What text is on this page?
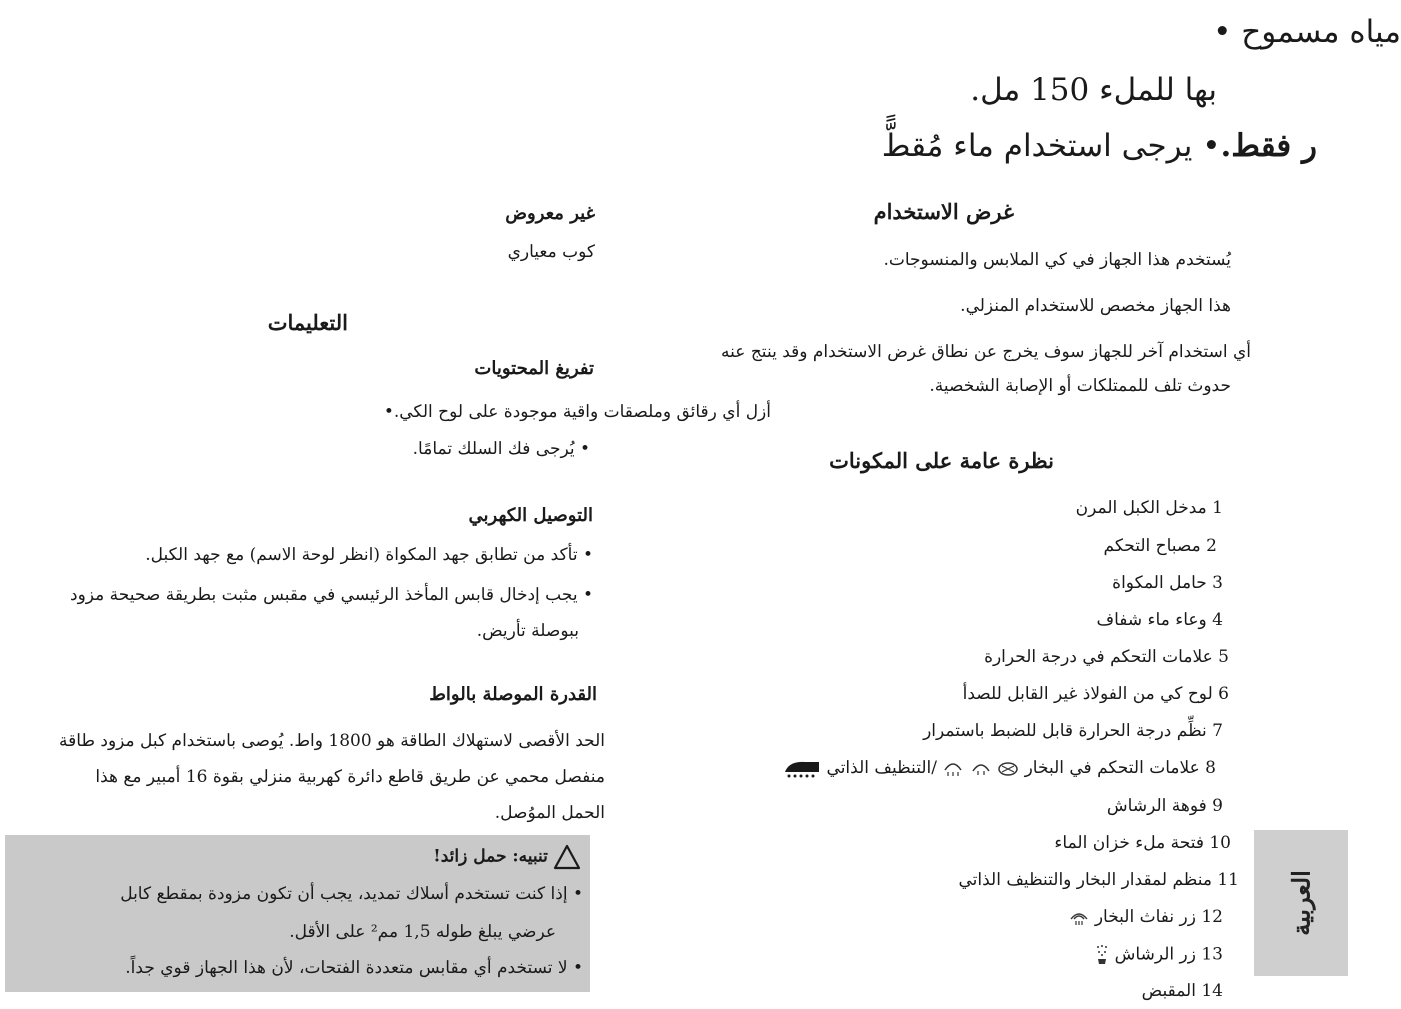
مياه مسموح •
بها للملء 150 مل.
ر فقط.• يرجى استخدام ماء مُقطًّ
غرض الاستخدام
يُستخدم هذا الجهاز في كي الملابس والمنسوجات.
هذا الجهاز مخصص للاستخدام المنزلي.
أي استخدام آخر للجهاز سوف يخرج عن نطاق غرض الاستخدام وقد ينتج عنه
حدوث تلف للممتلكات أو الإصابة الشخصية.
أزل أي رقائق وملصقات واقية موجودة على لوح الكي.•
نظرة عامة على المكونات
1 مدخل الكبل المرن
2 مصباح التحكم
3 حامل المكواة
4 وعاء ماء شفاف
5 علامات التحكم في درجة الحرارة
6 لوح كي من الفولاذ غير القابل للصدأ
7 نظِّم درجة الحرارة قابل للضبط باستمرار
8 علامات التحكم في البخار    /التنظيف الذاتي
9 فوهة الرشاش
10 فتحة ملء خزان الماء
11 منظم لمقدار البخار والتنظيف الذاتي
12 زر نفاث البخار
13 زر الرشاش
14 المقبض
العربية
غير معروض
كوب معياري
التعليمات
تفريغ المحتويات
• يُرجى فك السلك تمامًا.
التوصيل الكهربي
• تأكد من تطابق جهد المكواة (انظر لوحة الاسم) مع جهد الكبل.
• يجب إدخال قابس المأخذ الرئيسي في مقبس مثبت بطريقة صحيحة مزود
ببوصلة تأريض.
القدرة الموصلة بالواط
الحد الأقصى لاستهلاك الطاقة هو 1800 واط. يُوصى باستخدام كبل مزود طاقة
منفصل محمي عن طريق قاطع دائرة كهربية منزلي بقوة 16 أمبير مع هذا
الحمل الموُصل.
تنبيه: حمل زائد!
• إذا كنت تستخدم أسلاك تمديد، يجب أن تكون مزودة بمقطع كابل
عرضي يبلغ طوله 1,5 مم² على الأقل.
• لا تستخدم أي مقابس متعددة الفتحات، لأن هذا الجهاز قوي جداً.
